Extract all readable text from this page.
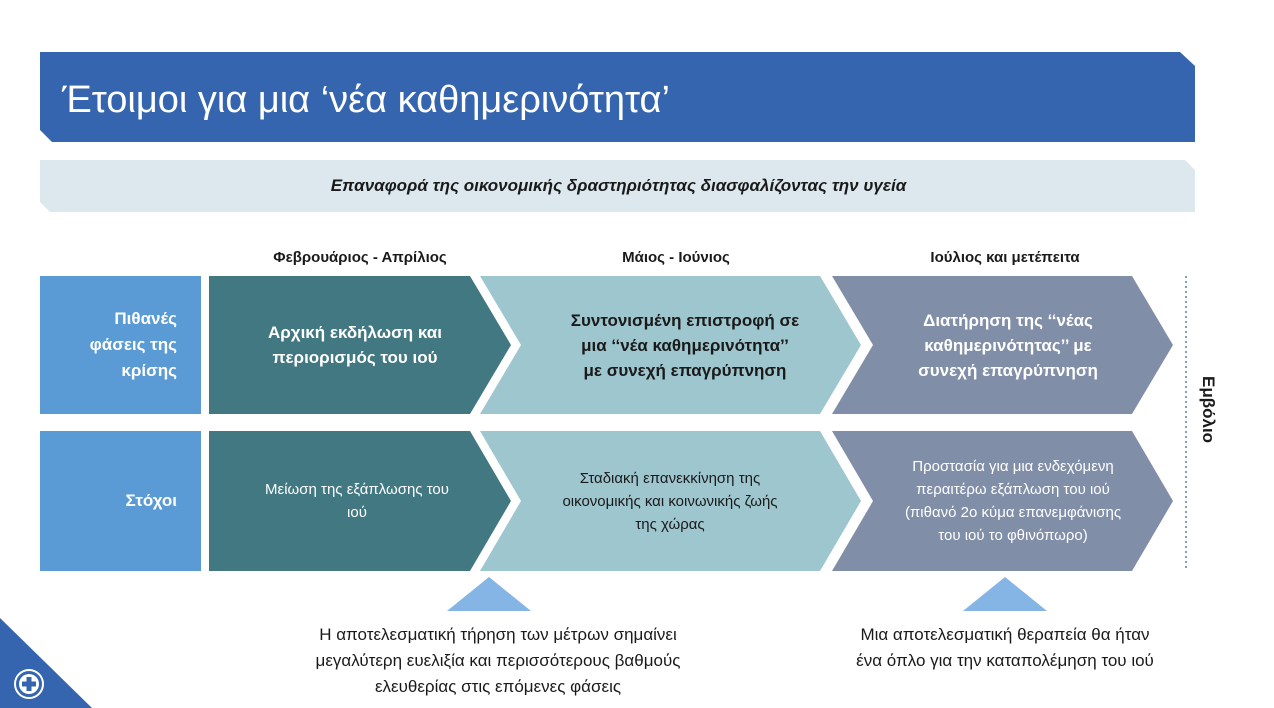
Έτοιμοι για μια ‘νέα καθημερινότητα’
Επαναφορά της οικονομικής δραστηριότητας διασφαλίζοντας την υγεία
Φεβρουάριος - Απρίλιος	Μάιος - Ιούνιος	Ιούλιος και μετέπειτα
Πιθανές
φάσεις της
κρίσης
Στόχοι
Αρχική εκδήλωση και
περιορισμός του ιού
Συντονισμένη επιστροφή σε
μια ‘‘νέα καθημερινότητα’’
με συνεχή επαγρύπνηση
Διατήρηση της ‘‘νέας
καθημερινότητας’’ με
συνεχή επαγρύπνηση
Μείωση της εξάπλωσης του
ιού
Σταδιακή επανεκκίνηση της
οικονομικής και κοινωνικής ζωής
της χώρας
Προστασία για μια ενδεχόμενη
περαιτέρω εξάπλωση του ιού
(πιθανό 2ο κύμα επανεμφάνισης
του ιού το φθινόπωρο)
Εμβόλιο
Η αποτελεσματική τήρηση των μέτρων σημαίνει
μεγαλύτερη ευελιξία και περισσότερους βαθμούς
ελευθερίας στις επόμενες φάσεις
Μια αποτελεσματική θεραπεία θα ήταν
ένα όπλο για την καταπολέμηση του ιού
